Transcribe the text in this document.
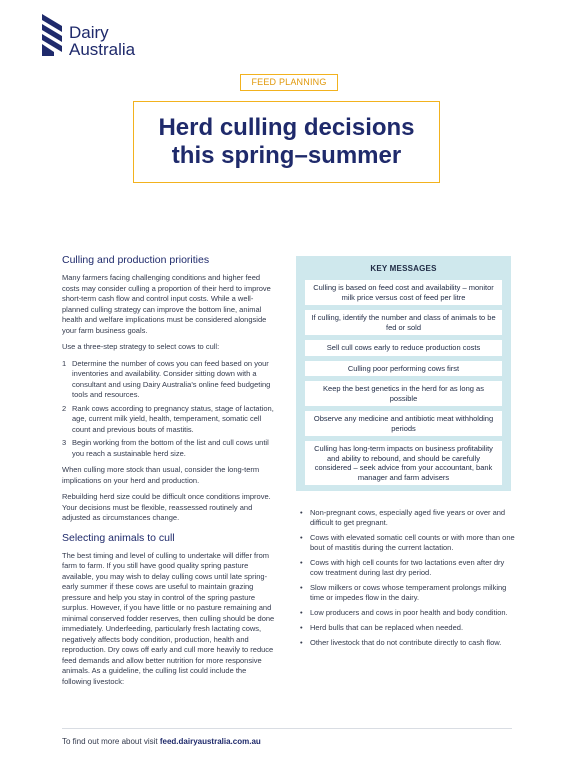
Dairy
Australia
FEED PLANNING
Herd culling decisions
this spring–summer
Culling and production priorities

Many farmers facing challenging conditions and higher feed costs may consider culling a proportion of their herd to improve short-term cash flow and control input costs. While a well-planned culling strategy can improve the bottom line, animal health and welfare implications must be considered alongside your farm business goals.

Use a three-step strategy to select cows to cull:

1 Determine the number of cows you can feed based on your inventories and availability. Consider sitting down with a consultant and using Dairy Australia’s online feed budgeting tools and resources.
2 Rank cows according to pregnancy status, stage of lactation, age, current milk yield, health, temperament, somatic cell count and previous bouts of mastitis.
3 Begin working from the bottom of the list and cull cows until you reach a sustainable herd size.

When culling more stock than usual, consider the long-term implications on your herd and production.

Rebuilding herd size could be difficult once conditions improve. Your decisions must be flexible, reassessed routinely and adjusted as circumstances change.

Selecting animals to cull

The best timing and level of culling to undertake will differ from farm to farm. If you still have good quality spring pasture available, you may wish to delay culling cows until late spring-early summer if these cows are useful to maintain grazing pressure and help you stay in control of the spring pasture surplus. However, if you have little or no pasture remaining and minimal conserved fodder reserves, then culling should be done immediately. Underfeeding, particularly fresh lactating cows, negatively affects body condition, production, health and reproduction. Dry cows off early and cull more heavily to reduce feed demands and allow better nutrition for more responsive animals. As a guideline, the culling list could include the following livestock:

KEY MESSAGES
Culling is based on feed cost and availability – monitor milk price versus cost of feed per litre
If culling, identify the number and class of animals to be fed or sold
Sell cull cows early to reduce production costs
Culling poor performing cows first
Keep the best genetics in the herd for as long as possible
Observe any medicine and antibiotic meat withholding periods
Culling has long-term impacts on business profitability and ability to rebound, and should be carefully considered – seek advice from your accountant, bank manager and farm advisers
• Non-pregnant cows, especially aged five years or over and difficult to get pregnant.
• Cows with elevated somatic cell counts or with more than one bout of mastitis during the current lactation.
• Cows with high cell counts for two lactations even after dry cow treatment during last dry period.
• Slow milkers or cows whose temperament prolongs milking time or impedes flow in the dairy.
• Low producers and cows in poor health and body condition.
• Herd bulls that can be replaced when needed.
• Other livestock that do not contribute directly to cash flow.
To find out more about visit feed.dairyaustralia.com.au
